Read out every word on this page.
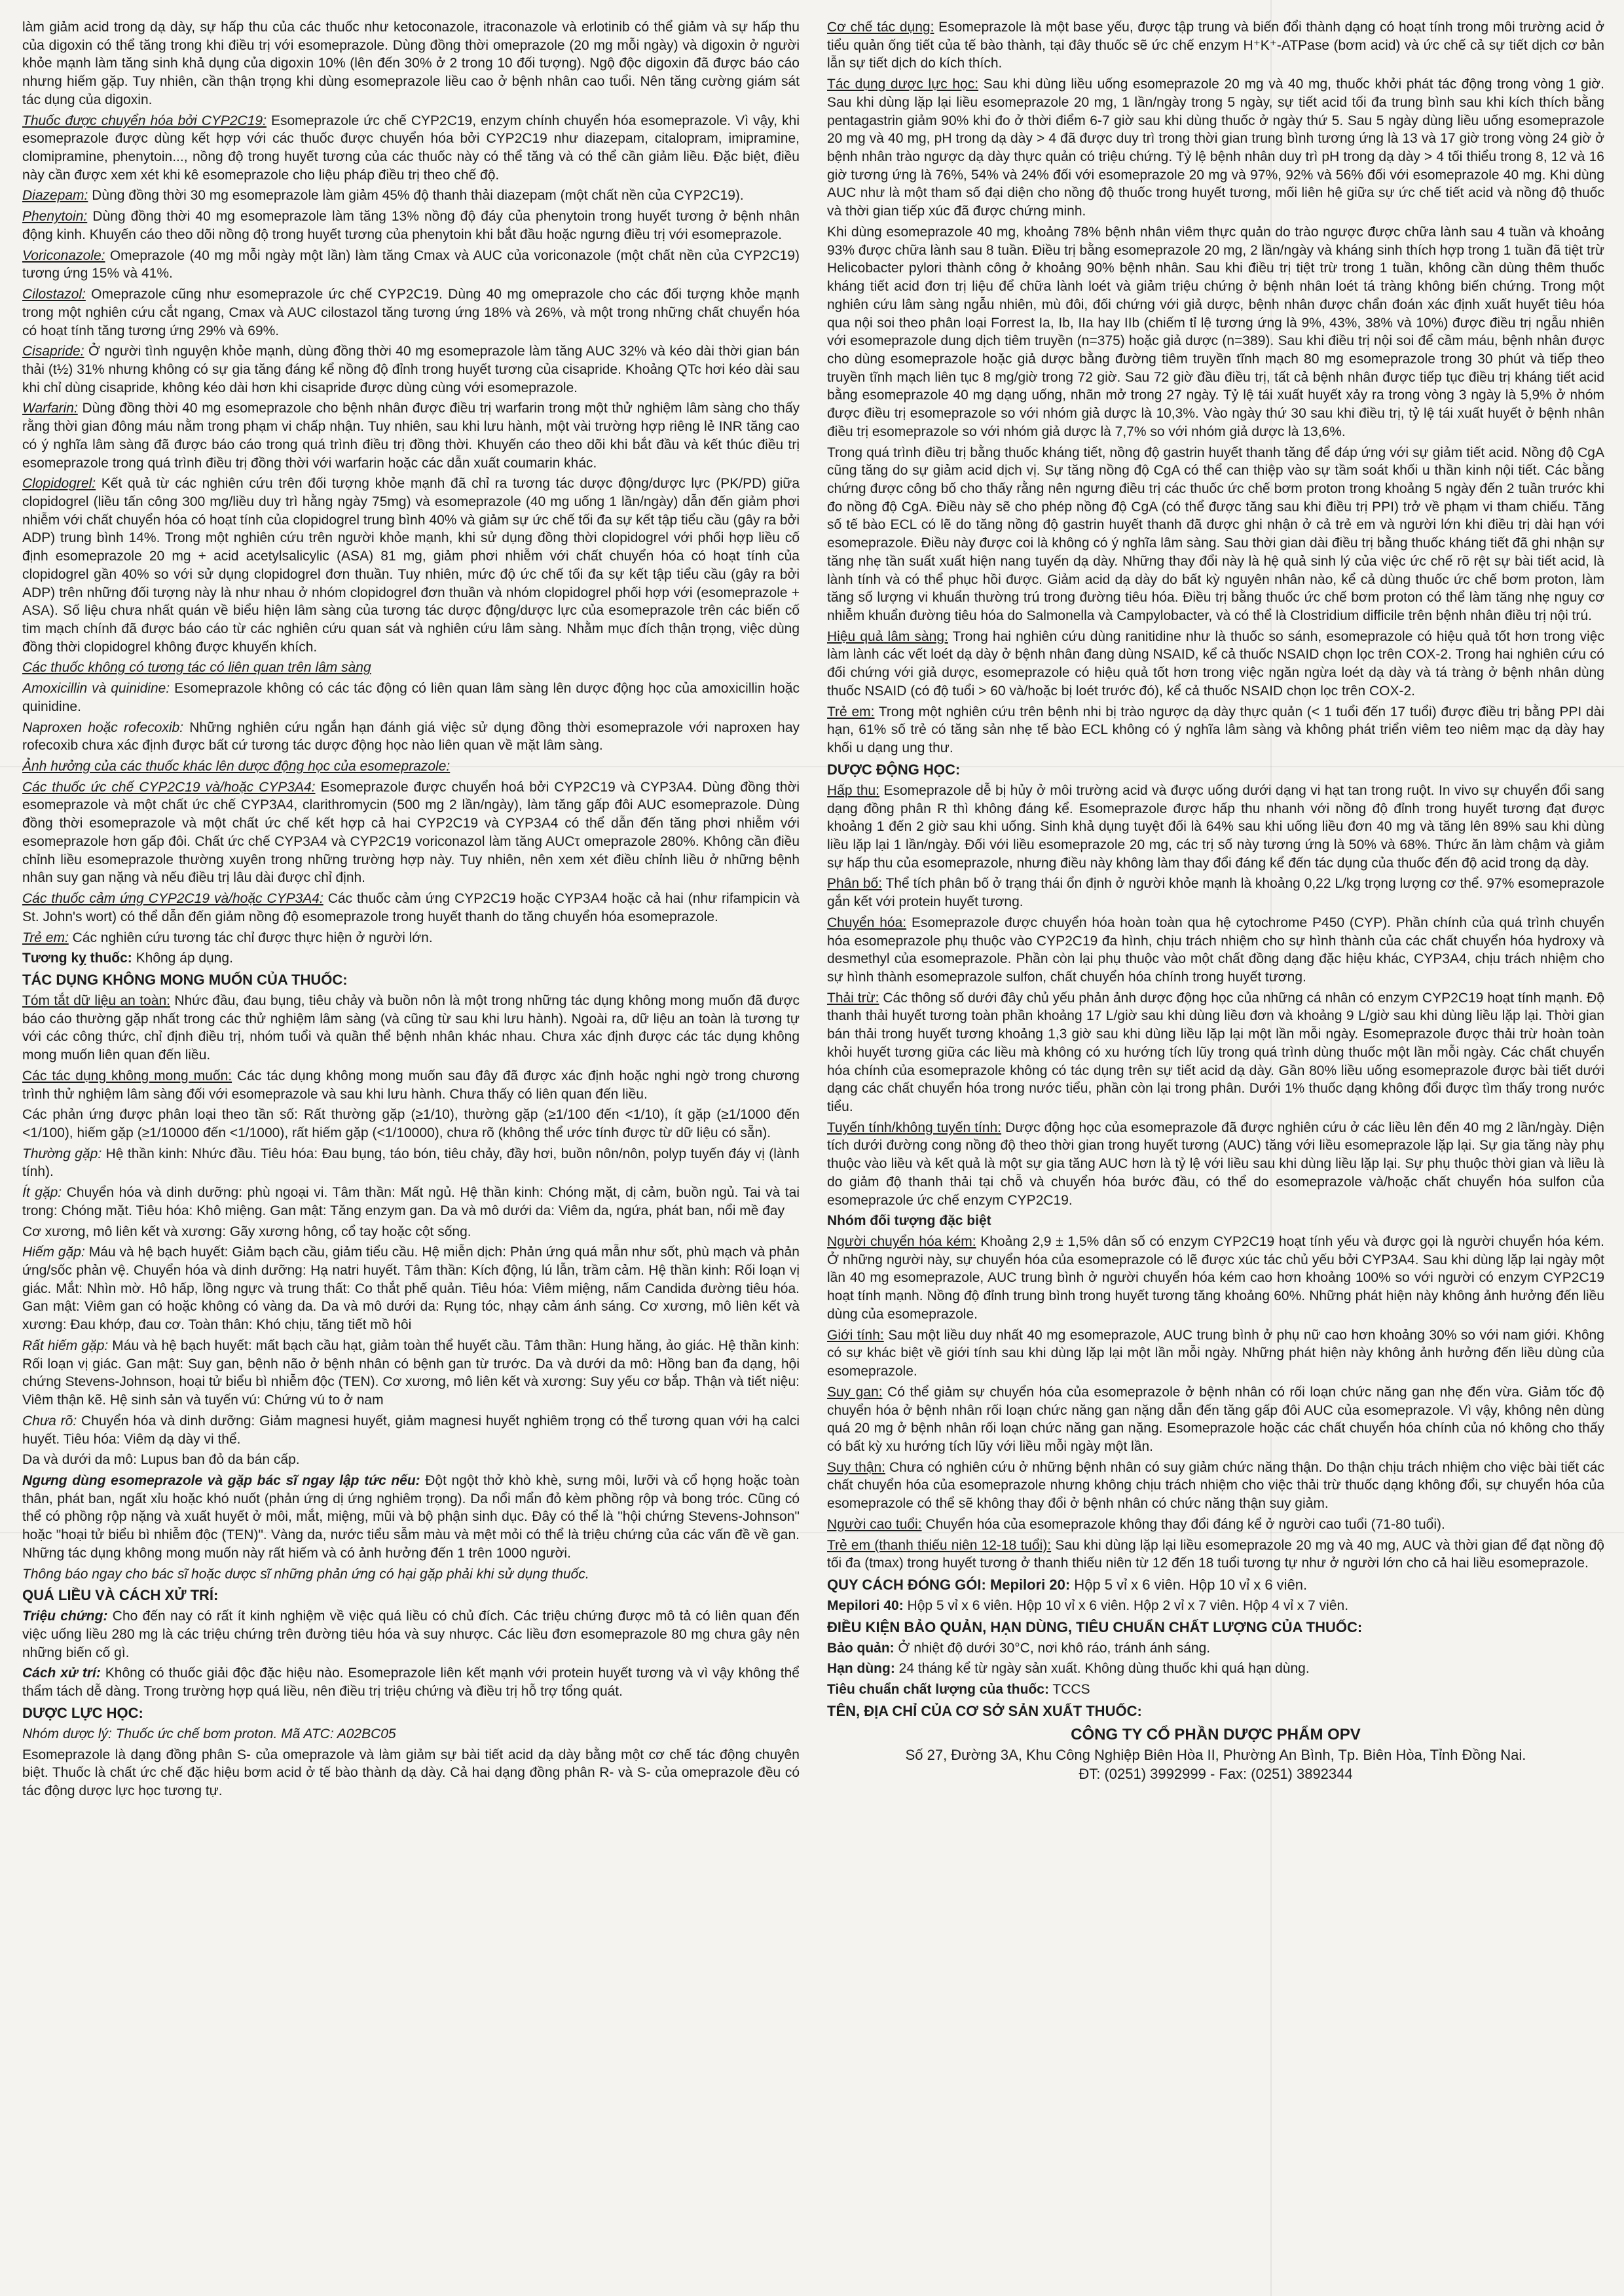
làm giảm acid trong dạ dày, sự hấp thu của các thuốc như ketoconazole, itraconazole và erlotinib có thể giảm và sự hấp thu của digoxin có thể tăng trong khi điều trị với esomeprazole. Dùng đồng thời omeprazole (20 mg mỗi ngày) và digoxin ở người khỏe mạnh làm tăng sinh khả dụng của digoxin 10% (lên đến 30% ở 2 trong 10 đối tượng). Ngộ độc digoxin đã được báo cáo nhưng hiếm gặp. Tuy nhiên, cần thận trọng khi dùng esomeprazole liều cao ở bệnh nhân cao tuổi. Nên tăng cường giám sát tác dụng của digoxin.

Thuốc được chuyển hóa bởi CYP2C19: Esomeprazole ức chế CYP2C19, enzym chính chuyển hóa esomeprazole. Vì vậy, khi esomeprazole được dùng kết hợp với các thuốc được chuyển hóa bởi CYP2C19 như diazepam, citalopram, imipramine, clomipramine, phenytoin..., nồng độ trong huyết tương của các thuốc này có thể tăng và có thể cần giảm liều. Đặc biệt, điều này cần được xem xét khi kê esomeprazole cho liệu pháp điều trị theo chế độ.

Diazepam: Dùng đồng thời 30 mg esomeprazole làm giảm 45% độ thanh thải diazepam (một chất nền của CYP2C19).

Phenytoin: Dùng đồng thời 40 mg esomeprazole làm tăng 13% nồng độ đáy của phenytoin trong huyết tương ở bệnh nhân động kinh. Khuyến cáo theo dõi nồng độ trong huyết tương của phenytoin khi bắt đầu hoặc ngưng điều trị với esomeprazole.

Voriconazole: Omeprazole (40 mg mỗi ngày một lần) làm tăng Cmax và AUC của voriconazole (một chất nền của CYP2C19) tương ứng 15% và 41%.

Cilostazol: Omeprazole cũng như esomeprazole ức chế CYP2C19. Dùng 40 mg omeprazole cho các đối tượng khỏe mạnh trong một nghiên cứu cắt ngang, Cmax và AUC cilostazol tăng tương ứng 18% và 26%, và một trong những chất chuyển hóa có hoạt tính tăng tương ứng 29% và 69%.

Cisapride: Ở người tình nguyện khỏe mạnh, dùng đồng thời 40 mg esomeprazole làm tăng AUC 32% và kéo dài thời gian bán thải (t½) 31% nhưng không có sự gia tăng đáng kể nồng độ đỉnh trong huyết tương của cisapride. Khoảng QTc hơi kéo dài sau khi chỉ dùng cisapride, không kéo dài hơn khi cisapride được dùng cùng với esomeprazole.

Warfarin: Dùng đồng thời 40 mg esomeprazole cho bệnh nhân được điều trị warfarin trong một thử nghiệm lâm sàng cho thấy rằng thời gian đông máu nằm trong phạm vi chấp nhận. Tuy nhiên, sau khi lưu hành, một vài trường hợp riêng lẻ INR tăng cao có ý nghĩa lâm sàng đã được báo cáo trong quá trình điều trị đồng thời. Khuyến cáo theo dõi khi bắt đầu và kết thúc điều trị esomeprazole trong quá trình điều trị đồng thời với warfarin hoặc các dẫn xuất coumarin khác.

Clopidogrel: Kết quả từ các nghiên cứu trên đối tượng khỏe mạnh đã chỉ ra tương tác dược động/dược lực (PK/PD) giữa clopidogrel (liều tấn công 300 mg/liều duy trì hằng ngày 75mg) và esomeprazole (40 mg uống 1 lần/ngày) dẫn đến giảm phơi nhiễm với chất chuyển hóa có hoạt tính của clopidogrel trung bình 40% và giảm sự ức chế tối đa sự kết tập tiểu cầu (gây ra bởi ADP) trung bình 14%. Trong một nghiên cứu trên người khỏe mạnh, khi sử dụng đồng thời clopidogrel với phối hợp liều cố định esomeprazole 20 mg + acid acetylsalicylic (ASA) 81 mg, giảm phơi nhiễm với chất chuyển hóa có hoạt tính của clopidogrel gần 40% so với sử dụng clopidogrel đơn thuần. Tuy nhiên, mức độ ức chế tối đa sự kết tập tiểu cầu (gây ra bởi ADP) trên những đối tượng này là như nhau ở nhóm clopidogrel đơn thuần và nhóm clopidogrel phối hợp với (esomeprazole + ASA). Số liệu chưa nhất quán về biểu hiện lâm sàng của tương tác dược động/dược lực của esomeprazole trên các biến cố tim mạch chính đã được báo cáo từ các nghiên cứu quan sát và nghiên cứu lâm sàng. Nhằm mục đích thận trọng, việc dùng đồng thời clopidogrel không được khuyến khích.

Các thuốc không có tương tác có liên quan trên lâm sàng

Amoxicillin và quinidine: Esomeprazole không có các tác động có liên quan lâm sàng lên dược động học của amoxicillin hoặc quinidine.

Naproxen hoặc rofecoxib: Những nghiên cứu ngắn hạn đánh giá việc sử dụng đồng thời esomeprazole với naproxen hay rofecoxib chưa xác định được bất cứ tương tác dược động học nào liên quan về mặt lâm sàng.

Ảnh hưởng của các thuốc khác lên dược động học của esomeprazole:

Các thuốc ức chế CYP2C19 và/hoặc CYP3A4: Esomeprazole được chuyển hoá bởi CYP2C19 và CYP3A4. Dùng đồng thời esomeprazole và một chất ức chế CYP3A4, clarithromycin (500 mg 2 lần/ngày), làm tăng gấp đôi AUC esomeprazole. Dùng đồng thời esomeprazole và một chất ức chế kết hợp cả hai CYP2C19 và CYP3A4 có thể dẫn đến tăng phơi nhiễm với esomeprazole hơn gấp đôi. Chất ức chế CYP3A4 và CYP2C19 voriconazol làm tăng AUCτ omeprazole 280%. Không cần điều chỉnh liều esomeprazole thường xuyên trong những trường hợp này. Tuy nhiên, nên xem xét điều chỉnh liều ở những bệnh nhân suy gan nặng và nếu điều trị lâu dài được chỉ định.

Các thuốc cảm ứng CYP2C19 và/hoặc CYP3A4: Các thuốc cảm ứng CYP2C19 hoặc CYP3A4 hoặc cả hai (như rifampicin và St. John's wort) có thể dẫn đến giảm nồng độ esomeprazole trong huyết thanh do tăng chuyển hóa esomeprazole.

Trẻ em: Các nghiên cứu tương tác chỉ được thực hiện ở người lớn.

Tương kỵ thuốc: Không áp dụng.

TÁC DỤNG KHÔNG MONG MUỐN CỦA THUỐC:

Tóm tắt dữ liệu an toàn: Nhức đầu, đau bụng, tiêu chảy và buồn nôn là một trong những tác dụng không mong muốn đã được báo cáo thường gặp nhất trong các thử nghiệm lâm sàng (và cũng từ sau khi lưu hành). Ngoài ra, dữ liệu an toàn là tương tự với các công thức, chỉ định điều trị, nhóm tuổi và quần thể bệnh nhân khác nhau. Chưa xác định được các tác dụng không mong muốn liên quan đến liều.

Các tác dụng không mong muốn: Các tác dụng không mong muốn sau đây đã được xác định hoặc nghi ngờ trong chương trình thử nghiệm lâm sàng đối với esomeprazole và sau khi lưu hành. Chưa thấy có liên quan đến liều.

Các phản ứng được phân loại theo tần số: Rất thường gặp (≥1/10), thường gặp (≥1/100 đến <1/10), ít gặp (≥1/1000 đến <1/100), hiếm gặp (≥1/10000 đến <1/1000), rất hiếm gặp (<1/10000), chưa rõ (không thể ước tính được từ dữ liệu có sẵn).

Thường gặp: Hệ thần kinh: Nhức đầu. Tiêu hóa: Đau bụng, táo bón, tiêu chảy, đầy hơi, buồn nôn/nôn, polyp tuyến đáy vị (lành tính).

Ít gặp: Chuyển hóa và dinh dưỡng: phù ngoại vi. Tâm thần: Mất ngủ. Hệ thần kinh: Chóng mặt, dị cảm, buồn ngủ. Tai và tai trong: Chóng mặt. Tiêu hóa: Khô miệng. Gan mật: Tăng enzym gan. Da và mô dưới da: Viêm da, ngứa, phát ban, nổi mề đay

Cơ xương, mô liên kết và xương: Gãy xương hông, cổ tay hoặc cột sống.

Hiếm gặp: Máu và hệ bạch huyết: Giảm bạch cầu, giảm tiểu cầu. Hệ miễn dịch: Phản ứng quá mẫn như sốt, phù mạch và phản ứng/sốc phản vệ. Chuyển hóa và dinh dưỡng: Hạ natri huyết. Tâm thần: Kích động, lú lẫn, trầm cảm. Hệ thần kinh: Rối loạn vị giác. Mắt: Nhìn mờ. Hô hấp, lồng ngực và trung thất: Co thắt phế quản. Tiêu hóa: Viêm miệng, nấm Candida đường tiêu hóa. Gan mật: Viêm gan có hoặc không có vàng da. Da và mô dưới da: Rụng tóc, nhạy cảm ánh sáng. Cơ xương, mô liên kết và xương: Đau khớp, đau cơ. Toàn thân: Khó chịu, tăng tiết mồ hôi

Rất hiếm gặp: Máu và hệ bạch huyết: mất bạch cầu hạt, giảm toàn thể huyết cầu. Tâm thần: Hung hăng, ảo giác. Hệ thần kinh: Rối loạn vị giác. Gan mật: Suy gan, bệnh não ở bệnh nhân có bệnh gan từ trước. Da và dưới da mô: Hồng ban đa dạng, hội chứng Stevens-Johnson, hoại tử biểu bì nhiễm độc (TEN). Cơ xương, mô liên kết và xương: Suy yếu cơ bắp. Thận và tiết niệu: Viêm thận kẽ. Hệ sinh sản và tuyến vú: Chứng vú to ở nam

Chưa rõ: Chuyển hóa và dinh dưỡng: Giảm magnesi huyết, giảm magnesi huyết nghiêm trọng có thể tương quan với hạ calci huyết. Tiêu hóa: Viêm dạ dày vi thể.

Da và dưới da mô: Lupus ban đỏ da bán cấp.

Ngưng dùng esomeprazole và gặp bác sĩ ngay lập tức nếu: Đột ngột thở khò khè, sưng môi, lưỡi và cổ họng hoặc toàn thân, phát ban, ngất xỉu hoặc khó nuốt (phản ứng dị ứng nghiêm trọng). Da nổi mẩn đỏ kèm phồng rộp và bong tróc. Cũng có thể có phồng rộp nặng và xuất huyết ở môi, mắt, miệng, mũi và bộ phận sinh dục. Đây có thể là "hội chứng Stevens-Johnson" hoặc "hoại tử biểu bì nhiễm độc (TEN)". Vàng da, nước tiểu sẫm màu và mệt mỏi có thể là triệu chứng của các vấn đề về gan. Những tác dụng không mong muốn này rất hiếm và có ảnh hưởng đến 1 trên 1000 người.

Thông báo ngay cho bác sĩ hoặc dược sĩ những phản ứng có hại gặp phải khi sử dụng thuốc.

QUÁ LIỀU VÀ CÁCH XỬ TRÍ:

Triệu chứng: Cho đến nay có rất ít kinh nghiệm về việc quá liều có chủ đích. Các triệu chứng được mô tả có liên quan đến việc uống liều 280 mg là các triệu chứng trên đường tiêu hóa và suy nhược. Các liều đơn esomeprazole 80 mg chưa gây nên những biến cố gì.

Cách xử trí: Không có thuốc giải độc đặc hiệu nào. Esomeprazole liên kết mạnh với protein huyết tương và vì vậy không thể thẩm tách dễ dàng. Trong trường hợp quá liều, nên điều trị triệu chứng và điều trị hỗ trợ tổng quát.

DƯỢC LỰC HỌC:

Nhóm dược lý: Thuốc ức chế bơm proton. Mã ATC: A02BC05

Esomeprazole là dạng đồng phân S- của omeprazole và làm giảm sự bài tiết acid dạ dày bằng một cơ chế tác động chuyên biệt. Thuốc là chất ức chế đặc hiệu bơm acid ở tế bào thành dạ dày. Cả hai dạng đồng phân R- và S- của omeprazole đều có tác động dược lực học tương tự.

Cơ chế tác dụng: Esomeprazole là một base yếu, được tập trung và biến đổi thành dạng có hoạt tính trong môi trường acid ở tiểu quản ống tiết của tế bào thành, tại đây thuốc sẽ ức chế enzym H⁺K⁺-ATPase (bơm acid) và ức chế cả sự tiết dịch cơ bản lẫn sự tiết dịch do kích thích.

Tác dụng dược lực học: Sau khi dùng liều uống esomeprazole 20 mg và 40 mg, thuốc khởi phát tác động trong vòng 1 giờ. Sau khi dùng lặp lại liều esomeprazole 20 mg, 1 lần/ngày trong 5 ngày, sự tiết acid tối đa trung bình sau khi kích thích bằng pentagastrin giảm 90% khi đo ở thời điểm 6-7 giờ sau khi dùng thuốc ở ngày thứ 5. Sau 5 ngày dùng liều uống esomeprazole 20 mg và 40 mg, pH trong dạ dày > 4 đã được duy trì trong thời gian trung bình tương ứng là 13 và 17 giờ trong vòng 24 giờ ở bệnh nhân trào ngược dạ dày thực quản có triệu chứng. Tỷ lệ bệnh nhân duy trì pH trong dạ dày > 4 tối thiểu trong 8, 12 và 16 giờ tương ứng là 76%, 54% và 24% đối với esomeprazole 20 mg và 97%, 92% và 56% đối với esomeprazole 40 mg. Khi dùng AUC như là một tham số đại diện cho nồng độ thuốc trong huyết tương, mối liên hệ giữa sự ức chế tiết acid và nồng độ thuốc và thời gian tiếp xúc đã được chứng minh.

Khi dùng esomeprazole 40 mg, khoảng 78% bệnh nhân viêm thực quản do trào ngược được chữa lành sau 4 tuần và khoảng 93% được chữa lành sau 8 tuần. Điều trị bằng esomeprazole 20 mg, 2 lần/ngày và kháng sinh thích hợp trong 1 tuần đã tiệt trừ Helicobacter pylori thành công ở khoảng 90% bệnh nhân. Sau khi điều trị tiệt trừ trong 1 tuần, không cần dùng thêm thuốc kháng tiết acid đơn trị liệu để chữa lành loét và giảm triệu chứng ở bệnh nhân loét tá tràng không biến chứng. Trong một nghiên cứu lâm sàng ngẫu nhiên, mù đôi, đối chứng với giả dược, bệnh nhân được chẩn đoán xác định xuất huyết tiêu hóa qua nội soi theo phân loại Forrest Ia, Ib, IIa hay IIb (chiếm tỉ lệ tương ứng là 9%, 43%, 38% và 10%) được điều trị ngẫu nhiên với esomeprazole dung dịch tiêm truyền (n=375) hoặc giả dược (n=389). Sau khi điều trị nội soi để cầm máu, bệnh nhân được cho dùng esomeprazole hoặc giả dược bằng đường tiêm truyền tĩnh mạch 80 mg esomeprazole trong 30 phút và tiếp theo truyền tĩnh mạch liên tục 8 mg/giờ trong 72 giờ. Sau 72 giờ đầu điều trị, tất cả bệnh nhân được tiếp tục điều trị kháng tiết acid bằng esomeprazole 40 mg dạng uống, nhãn mở trong 27 ngày. Tỷ lệ tái xuất huyết xảy ra trong vòng 3 ngày là 5,9% ở nhóm được điều trị esomeprazole so với nhóm giả dược là 10,3%. Vào ngày thứ 30 sau khi điều trị, tỷ lệ tái xuất huyết ở bệnh nhân điều trị esomeprazole so với nhóm giả dược là 7,7% so với nhóm giả dược là 13,6%.

Trong quá trình điều trị bằng thuốc kháng tiết, nồng độ gastrin huyết thanh tăng để đáp ứng với sự giảm tiết acid. Nồng độ CgA cũng tăng do sự giảm acid dịch vị. Sự tăng nồng độ CgA có thể can thiệp vào sự tầm soát khối u thần kinh nội tiết. Các bằng chứng được công bố cho thấy rằng nên ngưng điều trị các thuốc ức chế bơm proton trong khoảng 5 ngày đến 2 tuần trước khi đo nồng độ CgA. Điều này sẽ cho phép nồng độ CgA (có thể được tăng sau khi điều trị PPI) trở về phạm vi tham chiếu. Tăng số tế bào ECL có lẽ do tăng nồng độ gastrin huyết thanh đã được ghi nhận ở cả trẻ em và người lớn khi điều trị dài hạn với esomeprazole. Điều này được coi là không có ý nghĩa lâm sàng. Sau thời gian dài điều trị bằng thuốc kháng tiết đã ghi nhận sự tăng nhẹ tần suất xuất hiện nang tuyến dạ dày. Những thay đổi này là hệ quả sinh lý của việc ức chế rõ rệt sự bài tiết acid, là lành tính và có thể phục hồi được. Giảm acid dạ dày do bất kỳ nguyên nhân nào, kể cả dùng thuốc ức chế bơm proton, làm tăng số lượng vi khuẩn thường trú trong đường tiêu hóa. Điều trị bằng thuốc ức chế bơm proton có thể làm tăng nhẹ nguy cơ nhiễm khuẩn đường tiêu hóa do Salmonella và Campylobacter, và có thể là Clostridium difficile trên bệnh nhân điều trị nội trú.

Hiệu quả lâm sàng: Trong hai nghiên cứu dùng ranitidine như là thuốc so sánh, esomeprazole có hiệu quả tốt hơn trong việc làm lành các vết loét dạ dày ở bệnh nhân đang dùng NSAID, kể cả thuốc NSAID chọn lọc trên COX-2. Trong hai nghiên cứu có đối chứng với giả dược, esomeprazole có hiệu quả tốt hơn trong việc ngăn ngừa loét dạ dày và tá tràng ở bệnh nhân dùng thuốc NSAID (có độ tuổi > 60 và/hoặc bị loét trước đó), kể cả thuốc NSAID chọn lọc trên COX-2.

Trẻ em: Trong một nghiên cứu trên bệnh nhi bị trào ngược dạ dày thực quản (< 1 tuổi đến 17 tuổi) được điều trị bằng PPI dài hạn, 61% số trẻ có tăng sản nhẹ tế bào ECL không có ý nghĩa lâm sàng và không phát triển viêm teo niêm mạc dạ dày hay khối u dạng ung thư.

DƯỢC ĐỘNG HỌC:

Hấp thu: Esomeprazole dễ bị hủy ở môi trường acid và được uống dưới dạng vi hạt tan trong ruột. In vivo sự chuyển đổi sang dạng đồng phân R thì không đáng kể. Esomeprazole được hấp thu nhanh với nồng độ đỉnh trong huyết tương đạt được khoảng 1 đến 2 giờ sau khi uống. Sinh khả dụng tuyệt đối là 64% sau khi uống liều đơn 40 mg và tăng lên 89% sau khi dùng liều lặp lại 1 lần/ngày. Đối với liều esomeprazole 20 mg, các trị số này tương ứng là 50% và 68%. Thức ăn làm chậm và giảm sự hấp thu của esomeprazole, nhưng điều này không làm thay đổi đáng kể đến tác dụng của thuốc đến độ acid trong dạ dày.

Phân bố: Thể tích phân bố ở trạng thái ổn định ở người khỏe mạnh là khoảng 0,22 L/kg trọng lượng cơ thể. 97% esomeprazole gắn kết với protein huyết tương.

Chuyển hóa: Esomeprazole được chuyển hóa hoàn toàn qua hệ cytochrome P450 (CYP). Phần chính của quá trình chuyển hóa esomeprazole phụ thuộc vào CYP2C19 đa hình, chịu trách nhiệm cho sự hình thành của các chất chuyển hóa hydroxy và desmethyl của esomeprazole. Phần còn lại phụ thuộc vào một chất đồng dạng đặc hiệu khác, CYP3A4, chịu trách nhiệm cho sự hình thành esomeprazole sulfon, chất chuyển hóa chính trong huyết tương.

Thải trừ: Các thông số dưới đây chủ yếu phản ảnh dược động học của những cá nhân có enzym CYP2C19 hoạt tính mạnh. Độ thanh thải huyết tương toàn phần khoảng 17 L/giờ sau khi dùng liều đơn và khoảng 9 L/giờ sau khi dùng liều lặp lại. Thời gian bán thải trong huyết tương khoảng 1,3 giờ sau khi dùng liều lặp lại một lần mỗi ngày. Esomeprazole được thải trừ hoàn toàn khỏi huyết tương giữa các liều mà không có xu hướng tích lũy trong quá trình dùng thuốc một lần mỗi ngày. Các chất chuyển hóa chính của esomeprazole không có tác dụng trên sự tiết acid dạ dày. Gần 80% liều uống esomeprazole được bài tiết dưới dạng các chất chuyển hóa trong nước tiểu, phần còn lại trong phân. Dưới 1% thuốc dạng không đổi được tìm thấy trong nước tiểu.

Tuyến tính/không tuyến tính: Dược động học của esomeprazole đã được nghiên cứu ở các liều lên đến 40 mg 2 lần/ngày. Diện tích dưới đường cong nồng độ theo thời gian trong huyết tương (AUC) tăng với liều esomeprazole lặp lại. Sự gia tăng này phụ thuộc vào liều và kết quả là một sự gia tăng AUC hơn là tỷ lệ với liều sau khi dùng liều lặp lại. Sự phụ thuộc thời gian và liều là do giảm độ thanh thải tại chỗ và chuyển hóa bước đầu, có thể do esomeprazole và/hoặc chất chuyển hóa sulfon của esomeprazole ức chế enzym CYP2C19.

Nhóm đối tượng đặc biệt

Người chuyển hóa kém: Khoảng 2,9 ± 1,5% dân số có enzym CYP2C19 hoạt tính yếu và được gọi là người chuyển hóa kém. Ở những người này, sự chuyển hóa của esomeprazole có lẽ được xúc tác chủ yếu bởi CYP3A4. Sau khi dùng lặp lại ngày một lần 40 mg esomeprazole, AUC trung bình ở người chuyển hóa kém cao hơn khoảng 100% so với người có enzym CYP2C19 hoạt tính mạnh. Nồng độ đỉnh trung bình trong huyết tương tăng khoảng 60%. Những phát hiện này không ảnh hưởng đến liều dùng của esomeprazole.

Giới tính: Sau một liều duy nhất 40 mg esomeprazole, AUC trung bình ở phụ nữ cao hơn khoảng 30% so với nam giới. Không có sự khác biệt về giới tính sau khi dùng lặp lại một lần mỗi ngày. Những phát hiện này không ảnh hưởng đến liều dùng của esomeprazole.

Suy gan: Có thể giảm sự chuyển hóa của esomeprazole ở bệnh nhân có rối loạn chức năng gan nhẹ đến vừa. Giảm tốc độ chuyển hóa ở bệnh nhân rối loạn chức năng gan nặng dẫn đến tăng gấp đôi AUC của esomeprazole. Vì vậy, không nên dùng quá 20 mg ở bệnh nhân rối loạn chức năng gan nặng. Esomeprazole hoặc các chất chuyển hóa chính của nó không cho thấy có bất kỳ xu hướng tích lũy với liều mỗi ngày một lần.

Suy thận: Chưa có nghiên cứu ở những bệnh nhân có suy giảm chức năng thận. Do thận chịu trách nhiệm cho việc bài tiết các chất chuyển hóa của esomeprazole nhưng không chịu trách nhiệm cho việc thải trừ thuốc dạng không đổi, sự chuyển hóa của esomeprazole có thể sẽ không thay đổi ở bệnh nhân có chức năng thận suy giảm.

Người cao tuổi: Chuyển hóa của esomeprazole không thay đổi đáng kể ở người cao tuổi (71-80 tuổi).

Trẻ em (thanh thiếu niên 12-18 tuổi): Sau khi dùng lặp lại liều esomeprazole 20 mg và 40 mg, AUC và thời gian để đạt nồng độ tối đa (tmax) trong huyết tương ở thanh thiếu niên từ 12 đến 18 tuổi tương tự như ở người lớn cho cả hai liều esomeprazole.

QUY CÁCH ĐÓNG GÓI: Mepilori 20: Hộp 5 vỉ x 6 viên. Hộp 10 vỉ x 6 viên.

Mepilori 40: Hộp 5 vỉ x 6 viên. Hộp 10 vỉ x 6 viên. Hộp 2 vỉ x 7 viên. Hộp 4 vỉ x 7 viên.

ĐIỀU KIỆN BẢO QUẢN, HẠN DÙNG, TIÊU CHUẨN CHẤT LƯỢNG CỦA THUỐC:

Bảo quản: Ở nhiệt độ dưới 30°C, nơi khô ráo, tránh ánh sáng.

Hạn dùng: 24 tháng kể từ ngày sản xuất. Không dùng thuốc khi quá hạn dùng.

Tiêu chuẩn chất lượng của thuốc: TCCS

TÊN, ĐỊA CHỈ CỦA CƠ SỞ SẢN XUẤT THUỐC:

CÔNG TY CỔ PHẦN DƯỢC PHẨM OPV
Số 27, Đường 3A, Khu Công Nghiệp Biên Hòa II, Phường An Bình, Tp. Biên Hòa, Tỉnh Đồng Nai.
ĐT: (0251) 3992999 - Fax: (0251) 3892344
